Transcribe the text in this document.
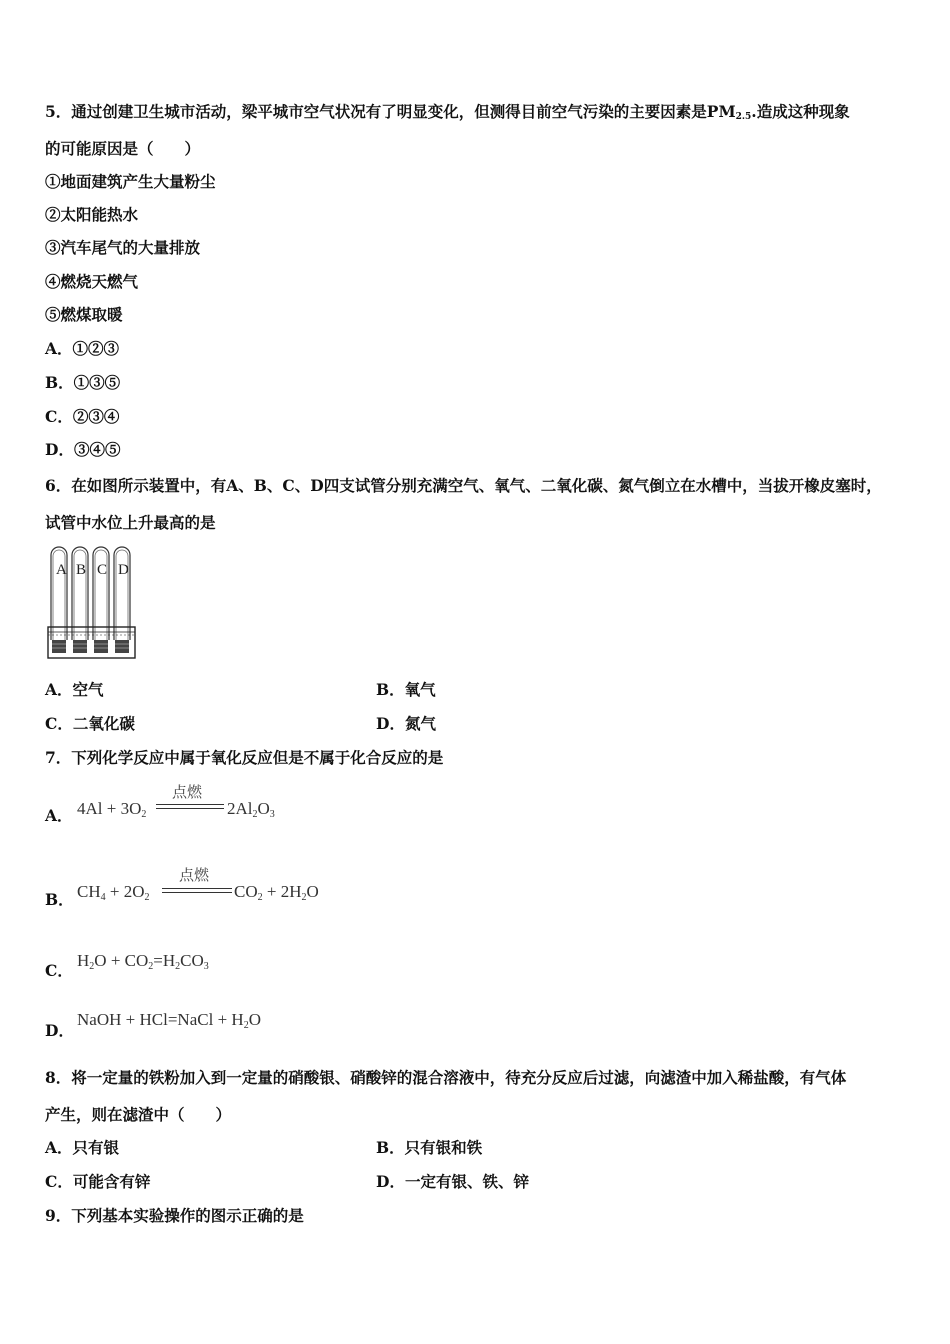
5．通过创建卫生城市活动，梁平城市空气状况有了明显变化，但测得目前空气污染的主要因素是PM2.5.造成这种现象
的可能原因是（　　）
①地面建筑产生大量粉尘
②太阳能热水
③汽车尾气的大量排放
④燃烧天燃气
⑤燃煤取暖
A．①②③
B．①③⑤
C．②③④
D．③④⑤
6．在如图所示装置中，有A、B、C、D四支试管分别充满空气、氧气、二氧化碳、氮气倒立在水槽中，当拔开橡皮塞时，
试管中水位上升最高的是
A B C D
A．空气	B．氧气
C．二氧化碳	D．氮气
7．下列化学反应中属于氧化反应但是不属于化合反应的是
A． $4Al + 3O_2$
点燃
$2Al_2O_3$
B． $CH_4 + 2O_2$
点燃
$CO_2 + 2H_2O$
C．
$H_2O + CO_2=H_2CO_3$
D．
NaOH + HCl=NaCl + $H_2O$
8．将一定量的铁粉加入到一定量的硝酸银、硝酸锌的混合溶液中，待充分反应后过滤，向滤渣中加入稀盐酸，有气体
产生，则在滤渣中（　　）
A．只有银	B．只有银和铁
C．可能含有锌	D．一定有银、铁、锌
9．下列基本实验操作的图示正确的是
